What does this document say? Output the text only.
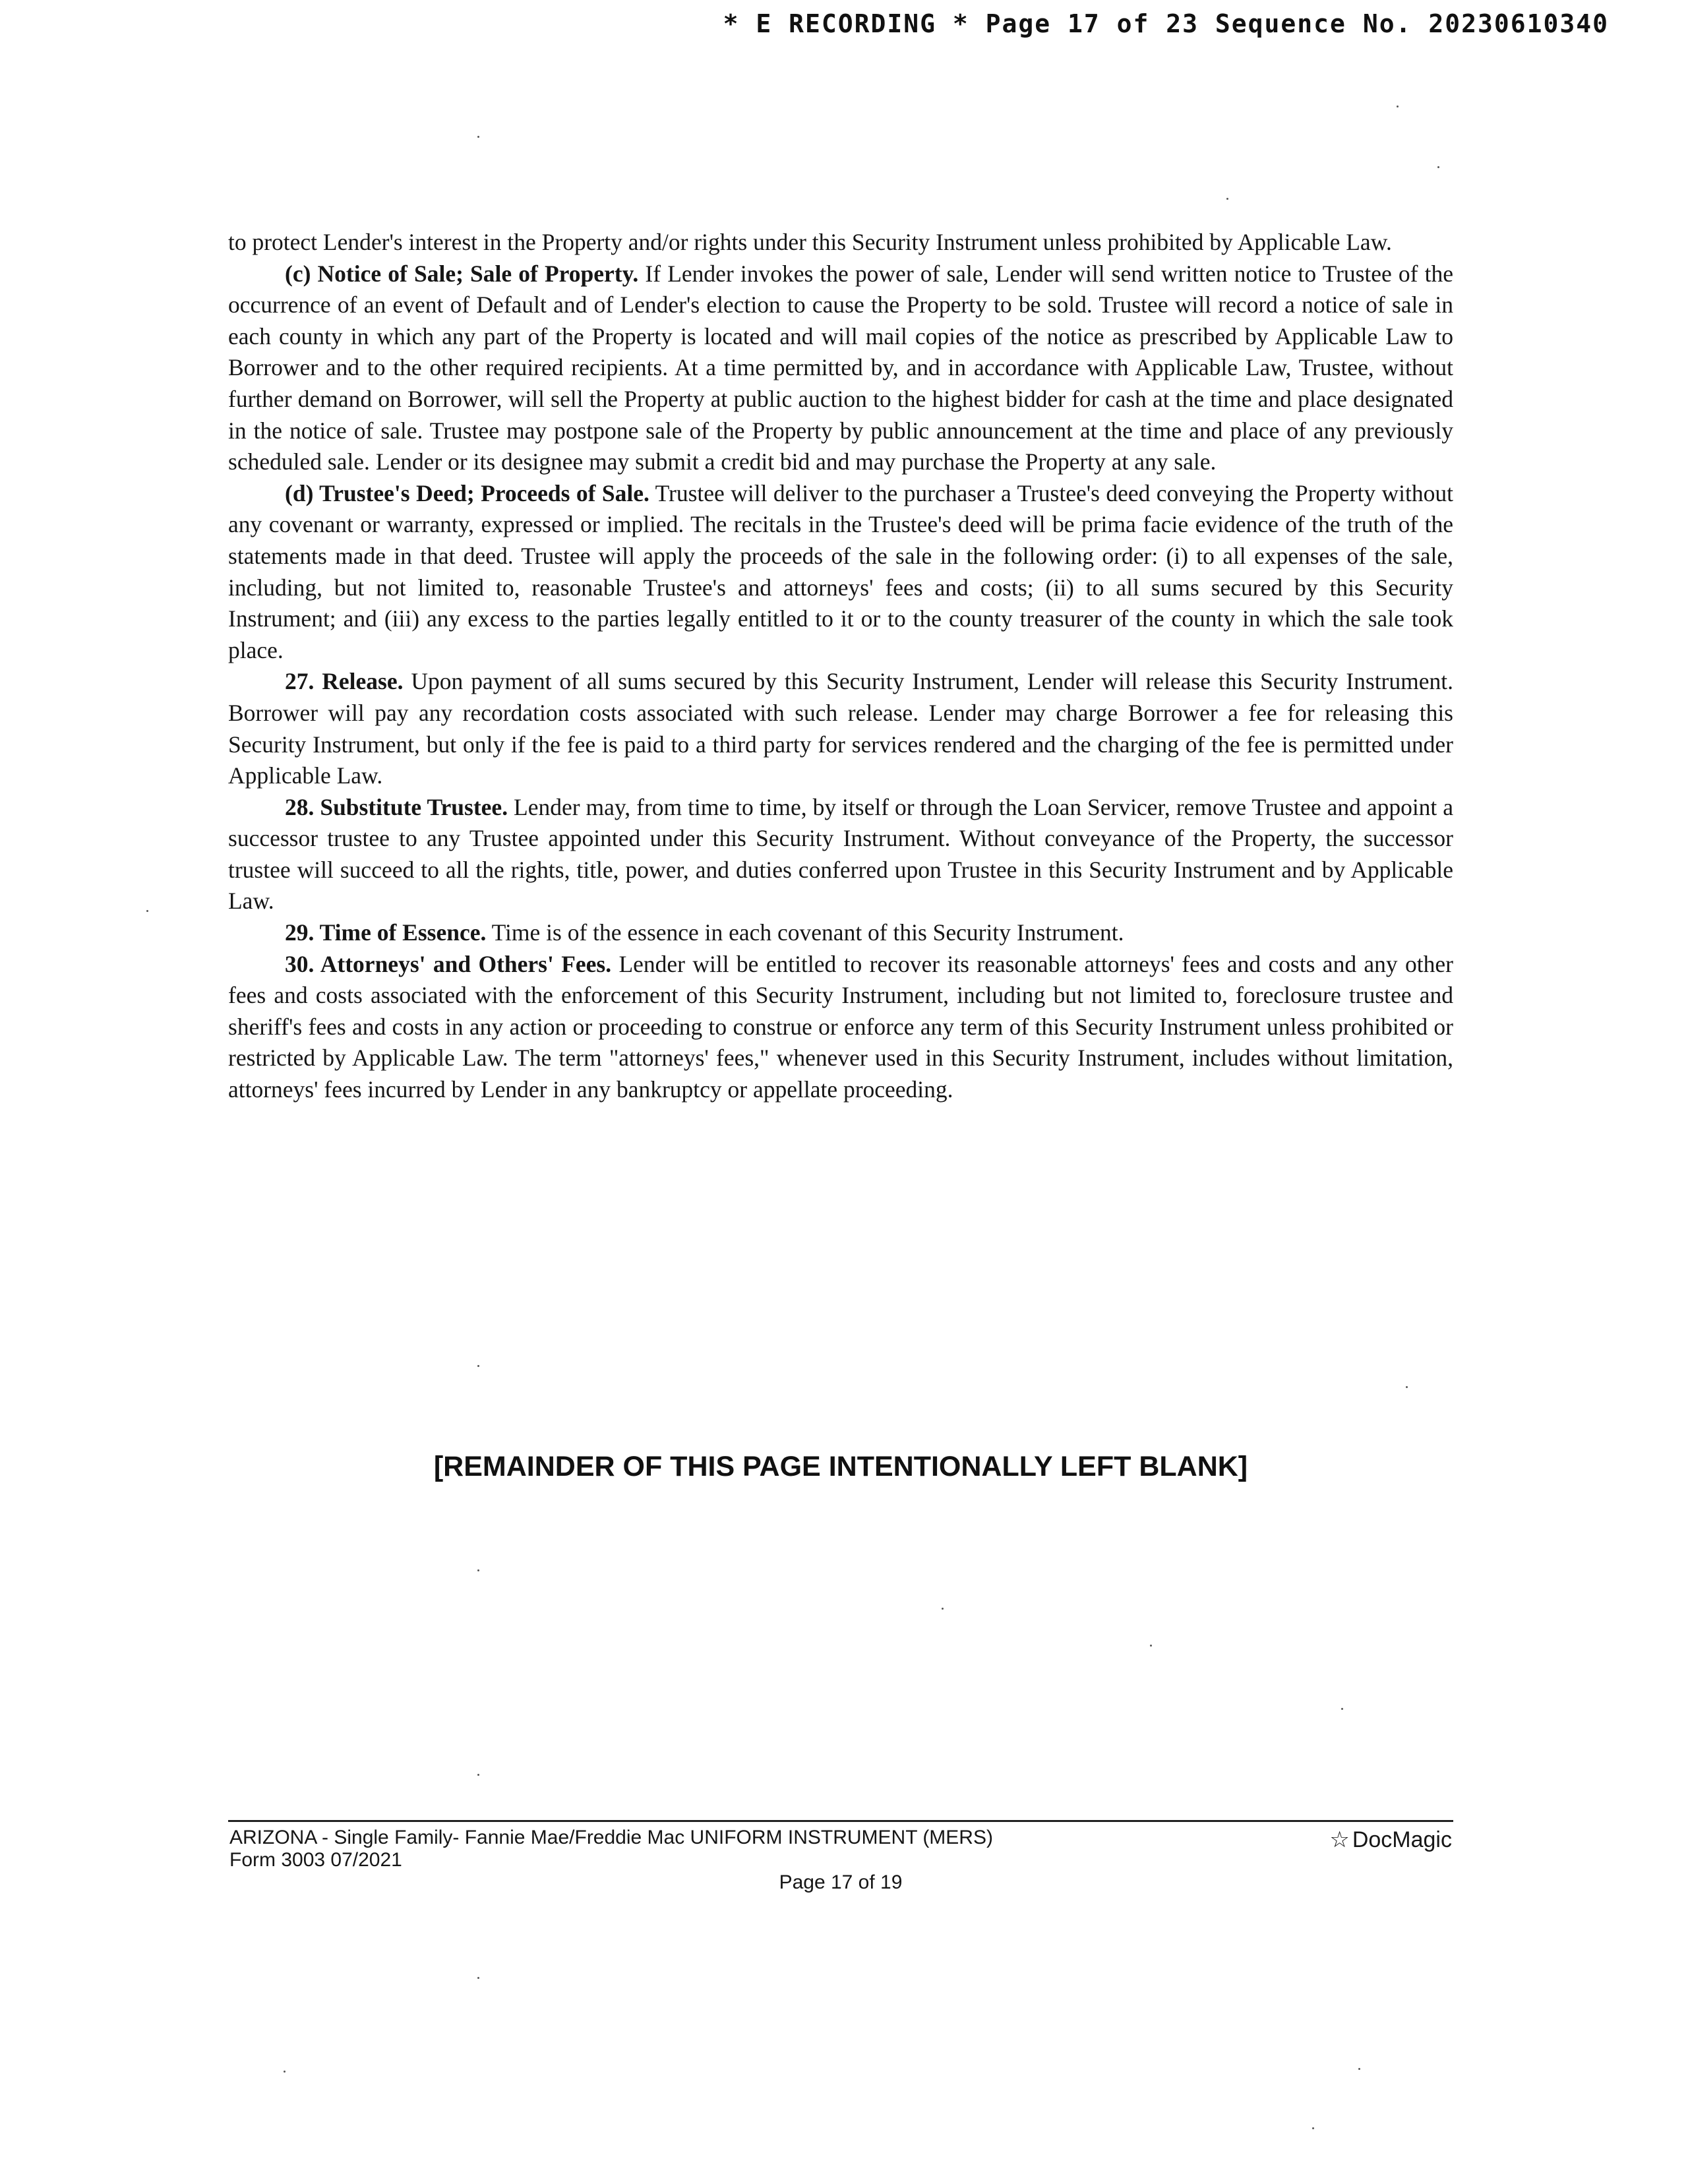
* E RECORDING * Page 17 of 23 Sequence No. 20230610340

to protect Lender's interest in the Property and/or rights under this Security Instrument unless prohibited by Applicable Law.

(c) Notice of Sale; Sale of Property. If Lender invokes the power of sale, Lender will send written notice to Trustee of the occurrence of an event of Default and of Lender's election to cause the Property to be sold. Trustee will record a notice of sale in each county in which any part of the Property is located and will mail copies of the notice as prescribed by Applicable Law to Borrower and to the other required recipients. At a time permitted by, and in accordance with Applicable Law, Trustee, without further demand on Borrower, will sell the Property at public auction to the highest bidder for cash at the time and place designated in the notice of sale. Trustee may postpone sale of the Property by public announcement at the time and place of any previously scheduled sale. Lender or its designee may submit a credit bid and may purchase the Property at any sale.

(d) Trustee's Deed; Proceeds of Sale. Trustee will deliver to the purchaser a Trustee's deed conveying the Property without any covenant or warranty, expressed or implied. The recitals in the Trustee's deed will be prima facie evidence of the truth of the statements made in that deed. Trustee will apply the proceeds of the sale in the following order: (i) to all expenses of the sale, including, but not limited to, reasonable Trustee's and attorneys' fees and costs; (ii) to all sums secured by this Security Instrument; and (iii) any excess to the parties legally entitled to it or to the county treasurer of the county in which the sale took place.

27. Release. Upon payment of all sums secured by this Security Instrument, Lender will release this Security Instrument. Borrower will pay any recordation costs associated with such release. Lender may charge Borrower a fee for releasing this Security Instrument, but only if the fee is paid to a third party for services rendered and the charging of the fee is permitted under Applicable Law.

28. Substitute Trustee. Lender may, from time to time, by itself or through the Loan Servicer, remove Trustee and appoint a successor trustee to any Trustee appointed under this Security Instrument. Without conveyance of the Property, the successor trustee will succeed to all the rights, title, power, and duties conferred upon Trustee in this Security Instrument and by Applicable Law.

29. Time of Essence. Time is of the essence in each covenant of this Security Instrument.

30. Attorneys' and Others' Fees. Lender will be entitled to recover its reasonable attorneys' fees and costs and any other fees and costs associated with the enforcement of this Security Instrument, including but not limited to, foreclosure trustee and sheriff's fees and costs in any action or proceeding to construe or enforce any term of this Security Instrument unless prohibited or restricted by Applicable Law. The term "attorneys' fees," whenever used in this Security Instrument, includes without limitation, attorneys' fees incurred by Lender in any bankruptcy or appellate proceeding.

[REMAINDER OF THIS PAGE INTENTIONALLY LEFT BLANK]
ARIZONA - Single Family- Fannie Mae/Freddie Mac UNIFORM INSTRUMENT (MERS)
Form 3003 07/2021
☆ DocMagic
Page 17 of 19
